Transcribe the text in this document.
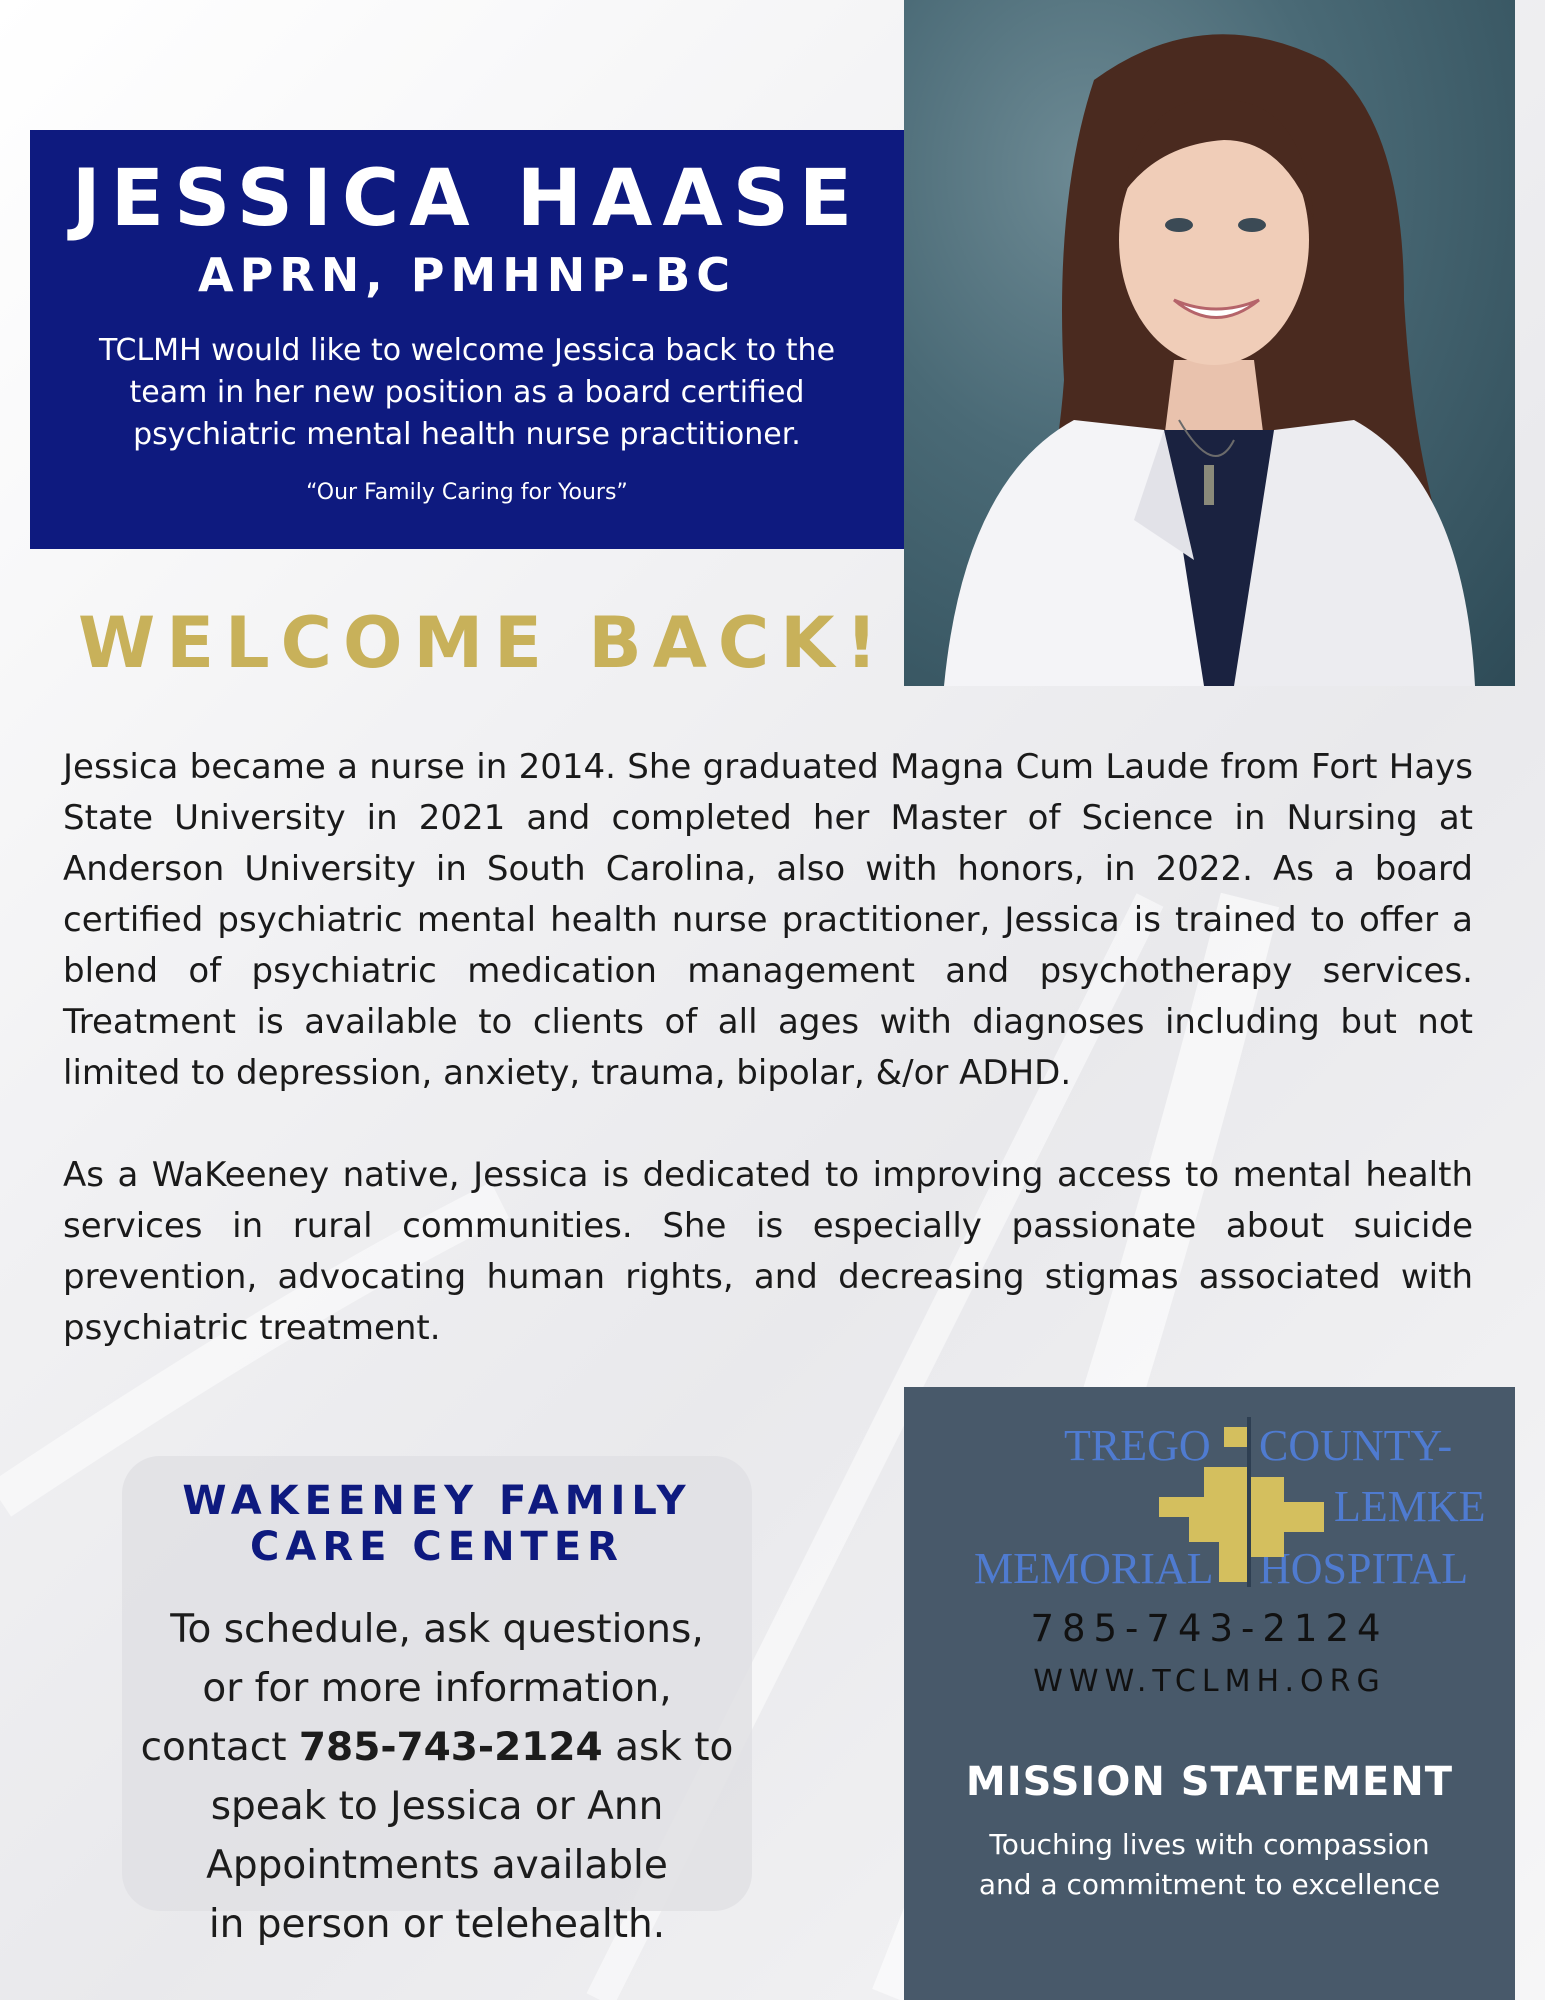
JESSICA HAASE
APRN, PMHNP-BC
TCLMH would like to welcome Jessica back to the
team in her new position as a board certified
psychiatric mental health nurse practitioner.
“Our Family Caring for Yours”
WELCOME BACK!

Jessica became a nurse in 2014. She graduated Magna Cum Laude from Fort Hays State University in 2021 and completed her Master of Science in Nursing at Anderson University in South Carolina, also with honors, in 2022. As a board certified psychiatric mental health nurse practitioner, Jessica is trained to offer a blend of psychiatric medication management and psychotherapy services. Treatment is available to clients of all ages with diagnoses including but not limited to depression, anxiety, trauma, bipolar, &/or ADHD.

As a WaKeeney native, Jessica is dedicated to improving access to mental health services in rural communities. She is especially passionate about suicide prevention, advocating human rights, and decreasing stigmas associated with psychiatric treatment.

WAKEENEY FAMILY
CARE CENTER
To schedule, ask questions,
or for more information,
contact 785-743-2124 ask to
speak to Jessica or Ann
Appointments available
in person or telehealth.
TREGO COUNTY-
LEMKE
MEMORIAL HOSPITAL
785-743-2124
WWW.TCLMH.ORG
MISSION STATEMENT
Touching lives with compassion
and a commitment to excellence
